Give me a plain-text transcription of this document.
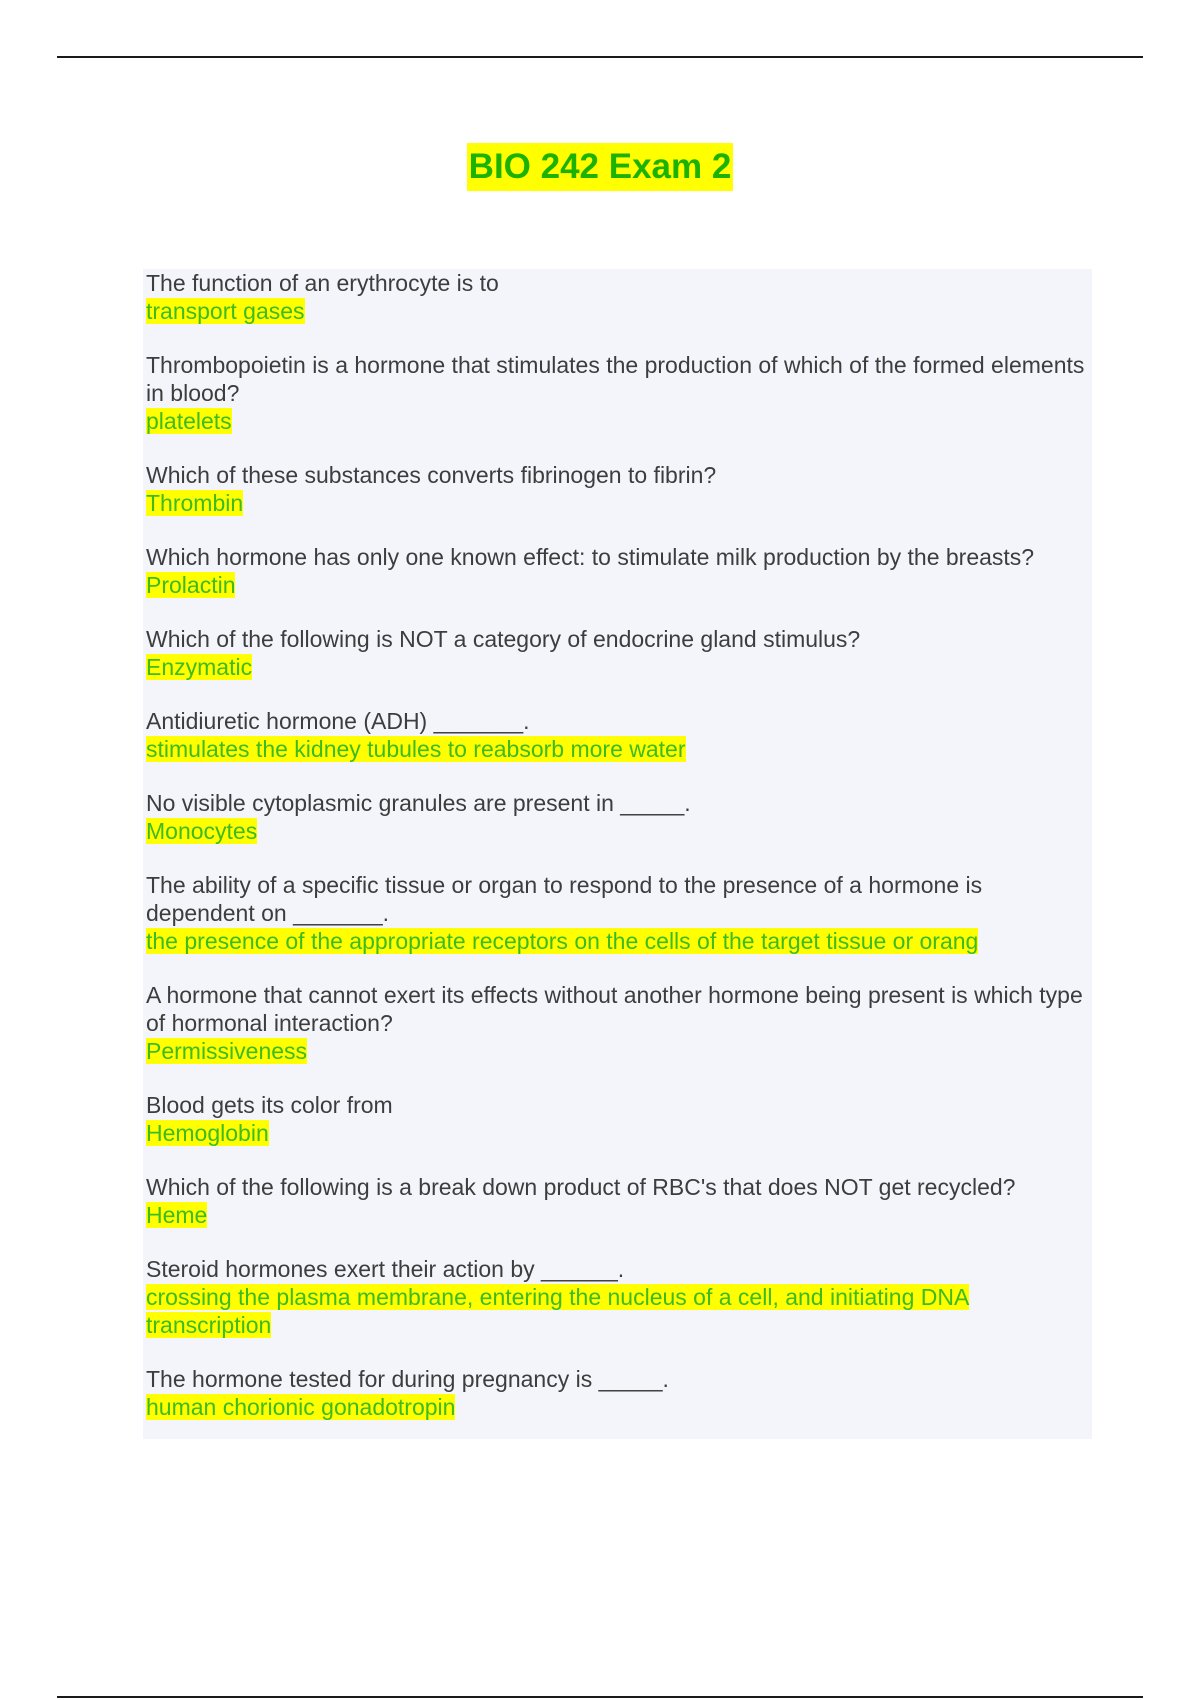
BIO 242 Exam 2
The function of an erythrocyte is to
transport gases
Thrombopoietin is a hormone that stimulates the production of which of the formed elements in blood?
platelets
Which of these substances converts fibrinogen to fibrin?
Thrombin
Which hormone has only one known effect: to stimulate milk production by the breasts?
Prolactin
Which of the following is NOT a category of endocrine gland stimulus?
Enzymatic
Antidiuretic hormone (ADH) _______.
stimulates the kidney tubules to reabsorb more water
No visible cytoplasmic granules are present in _____.
Monocytes
The ability of a specific tissue or organ to respond to the presence of a hormone is dependent on _______.
the presence of the appropriate receptors on the cells of the target tissue or orang
A hormone that cannot exert its effects without another hormone being present is which type of hormonal interaction?
Permissiveness
Blood gets its color from
Hemoglobin
Which of the following is a break down product of RBC's that does NOT get recycled?
Heme
Steroid hormones exert their action by ______.
crossing the plasma membrane, entering the nucleus of a cell, and initiating DNA transcription
The hormone tested for during pregnancy is _____.
human chorionic gonadotropin
